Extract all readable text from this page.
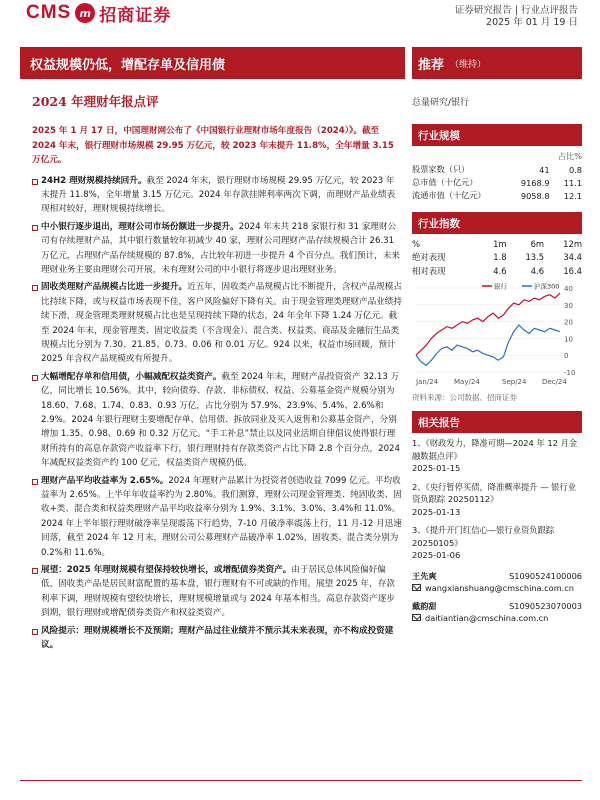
CMS m 招商证券	证券研究报告 | 行业点评报告
2025 年 01 月 19 日
权益规模仍低，增配存单及信用债
2024 年理财年报点评

2025 年 1 月 17 日，中国理财网公布了《中国银行业理财市场年度报告（2024）》。截至 2024 年末，银行理财市场规模 29.95 万亿元，较 2023 年末提升 11.8%，全年增量 3.15 万亿元。

24H2 理财规模持续回升。截至 2024 年末，银行理财市场规模 29.95 万亿元，较 2023 年末提升 11.8%，全年增量 3.15 万亿元。2024 年存款挂牌利率两次下调，而理财产品业绩表现相对较好，理财规模持续增长。
中小银行逐步退出，理财公司市场份额进一步提升。2024 年末共 218 家银行和 31 家理财公司有存续理财产品，其中银行数量较年初减少 40 家，理财公司理财产品存续规模合计 26.31 万亿元，占理财产品存续规模的 87.8%，占比较年初进一步提升 4 个百分点。我们预计，未来理财业务主要由理财公司开展，未有理财公司的中小银行将逐步退出理财业务。
固收类理财产品规模占比进一步提升。近五年，固收类产品规模占比不断提升，含权产品规模占比持续下降，或与权益市场表现不佳，客户风险偏好下降有关。由于现金管理类理财产品业绩持续下滑，现金管理类理财规模占比也是呈现持续下降的状态，24 年全年下降 1.24 万亿元。截至 2024 年末，现金管理类、固定收益类（不含现金）、混合类、权益类、商品及金融衍生品类规模占比分别为 7.30、21.85、0.73、0.06 和 0.01 万亿。924 以来，权益市场回暖，预计 2025 年含权产品规模或有所提升。
大幅增配存单和信用债，小幅减配权益类资产。截至 2024 年末，理财产品投资资产 32.13 万亿，同比增长 10.56%。其中，较向债券、存款、非标债权、权益、公募基金资产规模分别为 18.60、7.68、1.74、0.83、0.93 万亿，占比分别为 57.9%、23.9%、5.4%、2.6%和 2.9%。2024 年银行理财主要增配存单、信用债、拆放同业及买入返售和公募基金资产，分别增加 1.35、0.98、0.69 和 0.32 万亿元。“手工补息”禁止以及同业活期自律倡议使得银行理财所持有的高息存款资产收益率下行，银行理财持有存款类资产占比下降 2.8 个百分点，2024 年减配权益类资产约 100 亿元，权益类资产规模仍低。
理财产品平均收益率为 2.65%。2024 年理财产品累计为投资者创造收益 7099 亿元。平均收益率为 2.65%。上半年年收益率约为 2.80%。我们测算，理财公司现金管理类、纯固收类、固收+类、混合类和权益类理财产品平均收益率分别为 1.9%、3.1%、3.0%、3.4%和 11.0%。2024 年上半年银行理财破净率呈现震荡下行趋势，7-10 月破净率震荡上行，11 月-12 月迅速回落，截至 2024 年 12 月末，理财公司公募理财产品破净率 1.02%，固收类、混合类分别为 0.2%和 11.6%。
展望：2025 年理财规模有望保持较快增长，或增配债券类资产。由于居民总体风险偏好偏低，固收类产品是居民财富配置的基本盘，银行理财有不可或缺的作用。展望 2025 年，存款利率下调，理财规模有望较快增长，理财规模增量或与 2024 年基本相当。高息存款资产逐步到期，银行理财或增配债券类资产和权益类资产。
风险提示：理财规模增长不及预期；理财产品过往业绩并不预示其未来表现，亦不构成投资建议。
推荐 （维持）
总量研究/银行
行业规模
		占比%
股票家数（只）	41	0.8
总市值（十亿元）	9168.9	11.1
流通市值（十亿元）	9058.8	12.1
行业指数
%	1m	6m	12m
绝对表现	1.8	13.5	34.4
相对表现	4.6	4.6	16.4
40
30
20
10
0
-10
Jan/24 May/24	Sep/24 Dec/24
银行	沪深300
资料来源：公司数据、招商证券
相关报告
1、《财政发力，降准可期—2024 年 12 月金融数据点评》
2025-01-15
2、《央行暂停买债，降准概率提升 — 银行业资负跟踪 20250112》
2025-01-13
3、《提升开门红信心—银行业资负跟踪 20250105》
2025-01-06
王先爽	S1090524100006
wangxianshuang@cmschina.com.cn
戴韵甜	S1090523070003
daitiantian@cmschina.com.cn
